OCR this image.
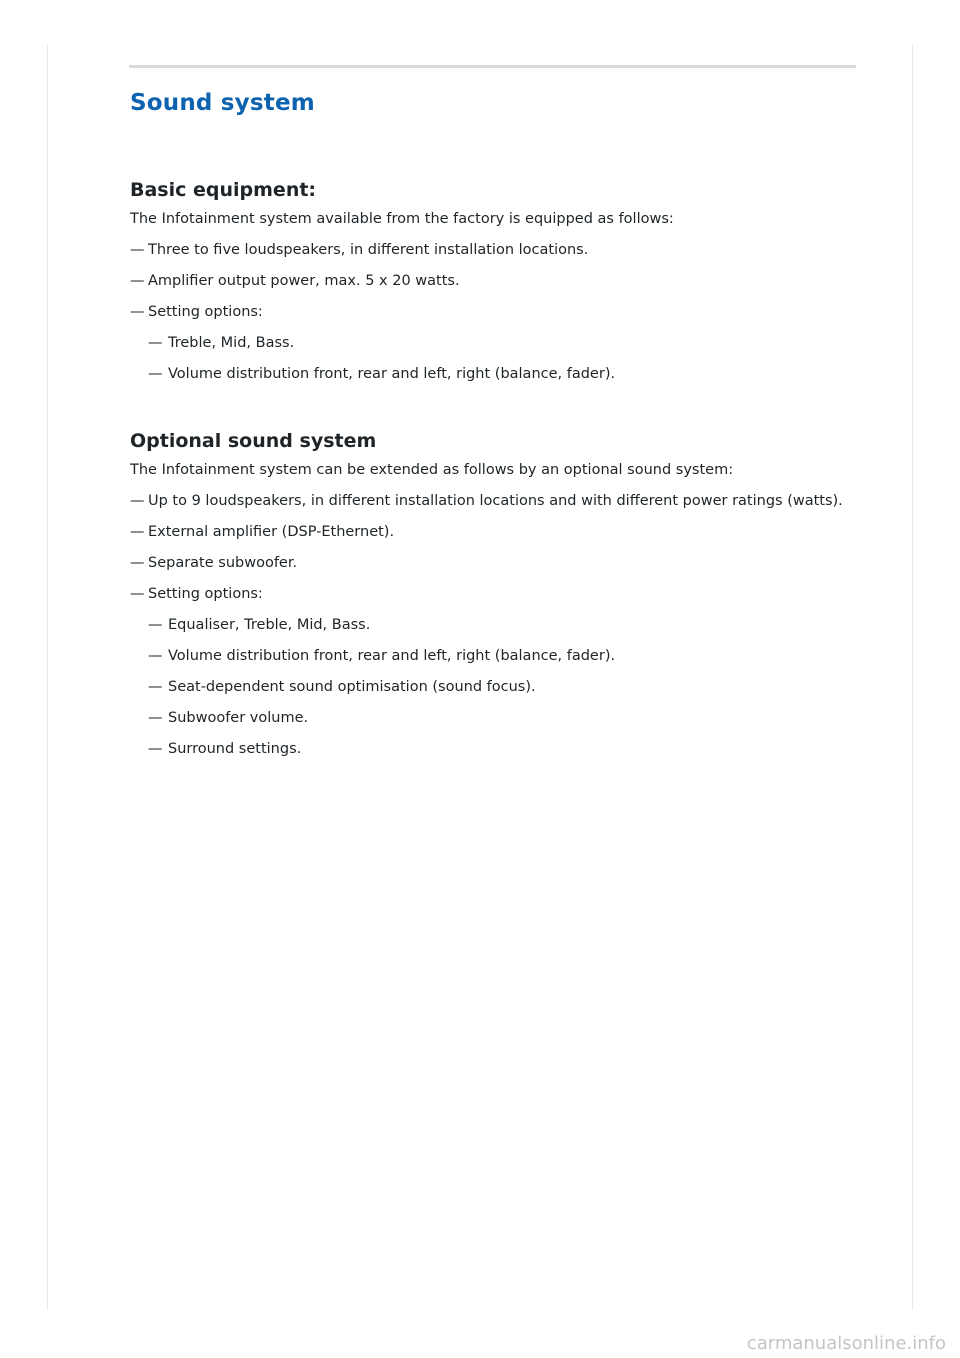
Sound system
Basic equipment:

The Infotainment system available from the factory is equipped as follows:

— Three to five loudspeakers, in different installation locations.
— Amplifier output power, max. 5 x 20 watts.
— Setting options:
— Treble, Mid, Bass.
— Volume distribution front, rear and left, right (balance, fader).
Optional sound system

The Infotainment system can be extended as follows by an optional sound system:

— Up to 9 loudspeakers, in different installation locations and with different power ratings (watts).
— External amplifier (DSP-Ethernet).
— Separate subwoofer.
— Setting options:
— Equaliser, Treble, Mid, Bass.
— Volume distribution front, rear and left, right (balance, fader).
— Seat-dependent sound optimisation (sound focus).
— Subwoofer volume.
— Surround settings.
carmanualsonline.info
